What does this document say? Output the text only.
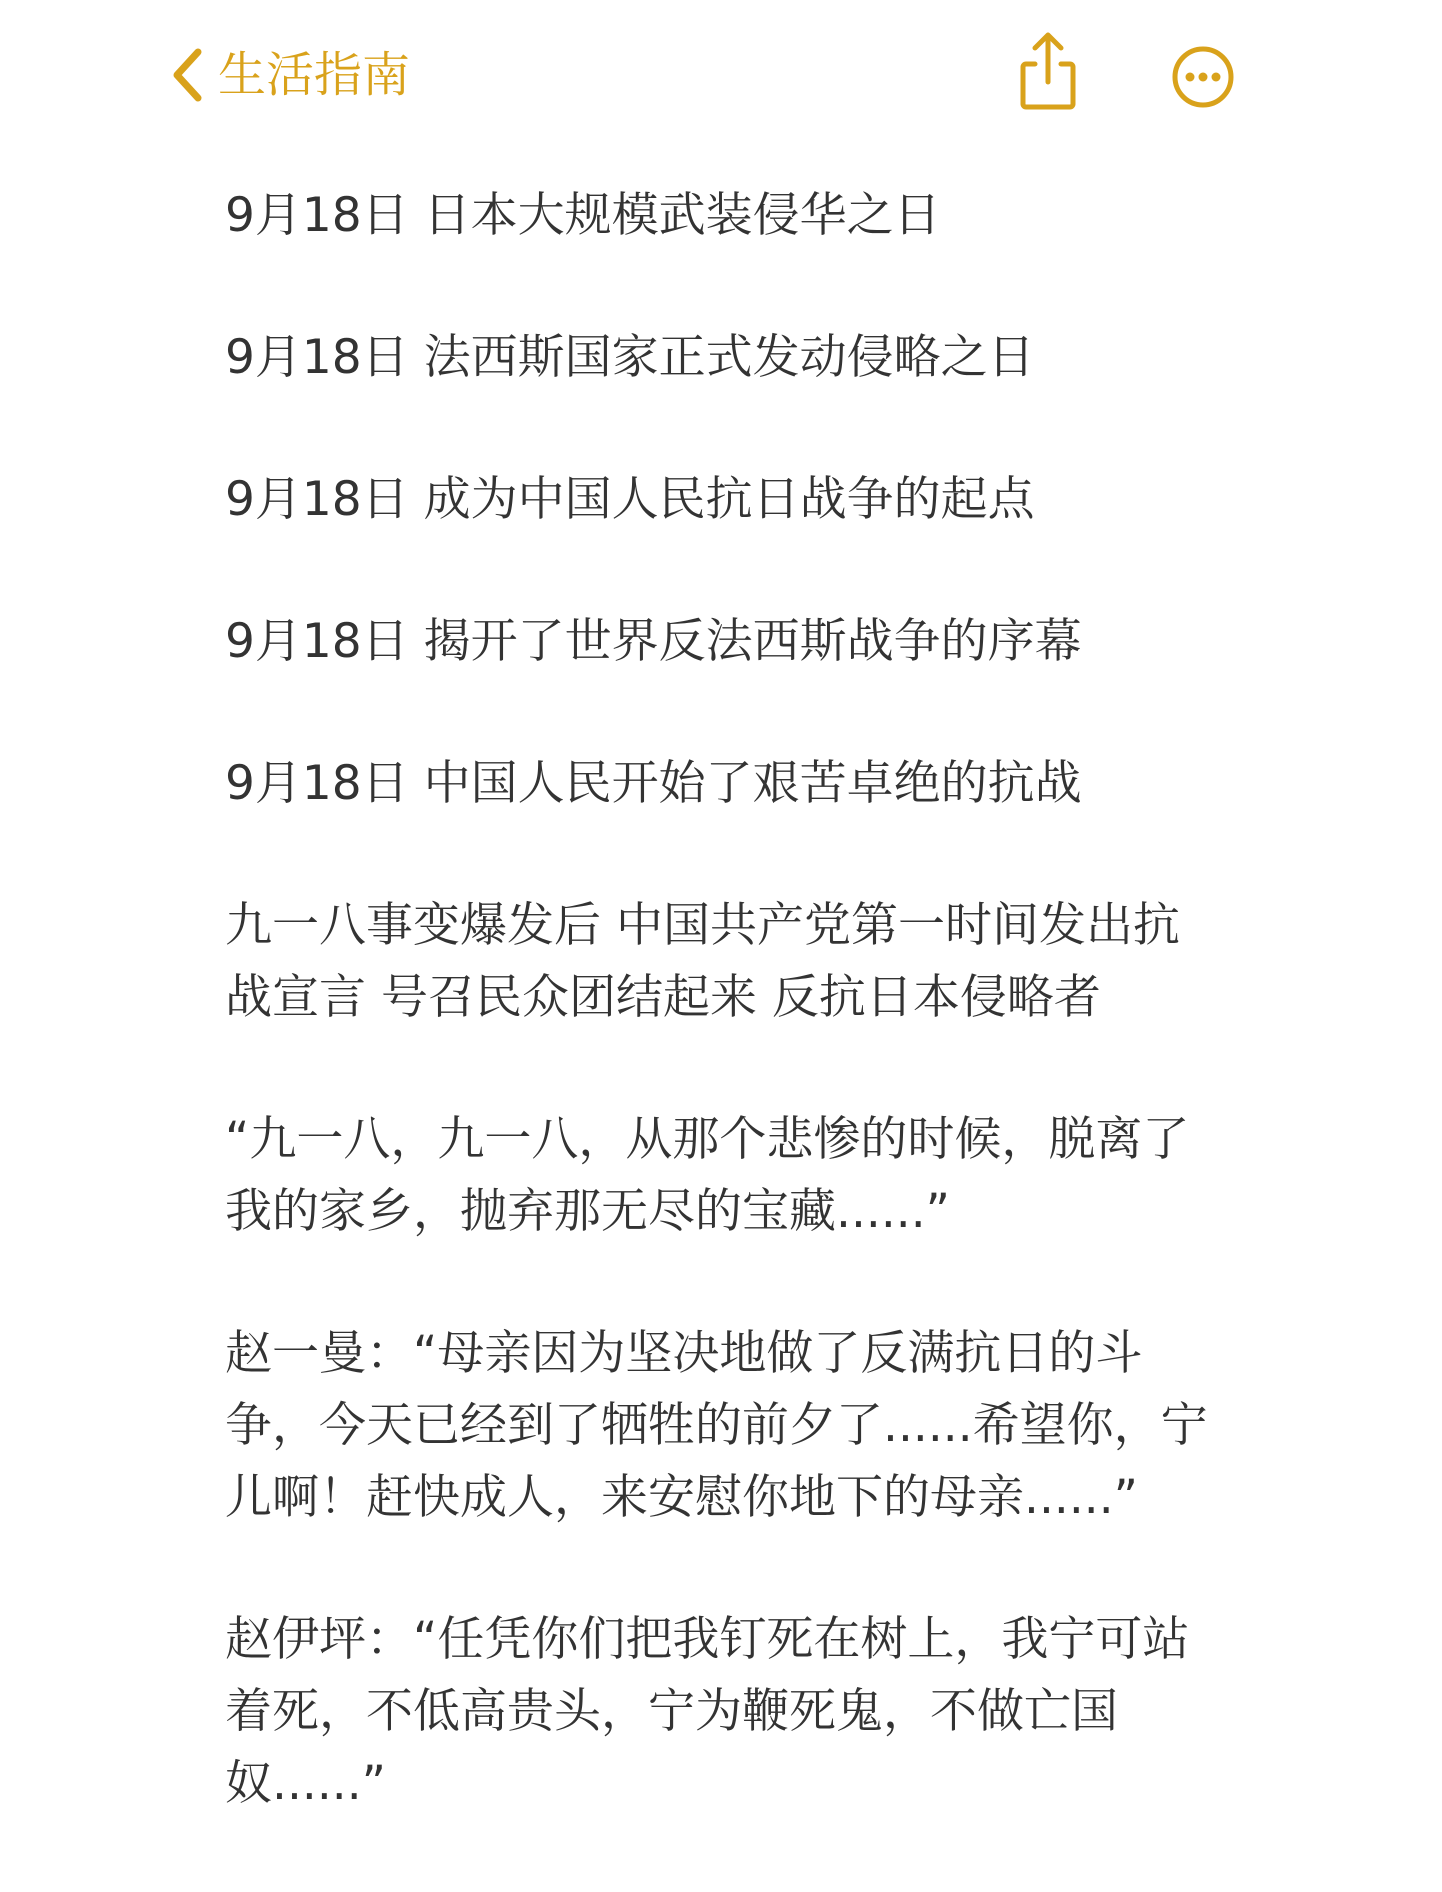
生活指南

9月18日 日本大规模武装侵华之日

9月18日 法西斯国家正式发动侵略之日

9月18日 成为中国人民抗日战争的起点

9月18日 揭开了世界反法西斯战争的序幕

9月18日 中国人民开始了艰苦卓绝的抗战

九一八事变爆发后 中国共产党第一时间发出抗战宣言 号召民众团结起来 反抗日本侵略者

“九一八，九一八，从那个悲惨的时候，脱离了我的家乡，抛弃那无尽的宝藏......”

赵一曼：“母亲因为坚决地做了反满抗日的斗争，今天已经到了牺牲的前夕了......希望你，宁儿啊！赶快成人，来安慰你地下的母亲......”

赵伊坪：“任凭你们把我钉死在树上，我宁可站着死，不低高贵头，宁为鞭死鬼，不做亡国奴......”
